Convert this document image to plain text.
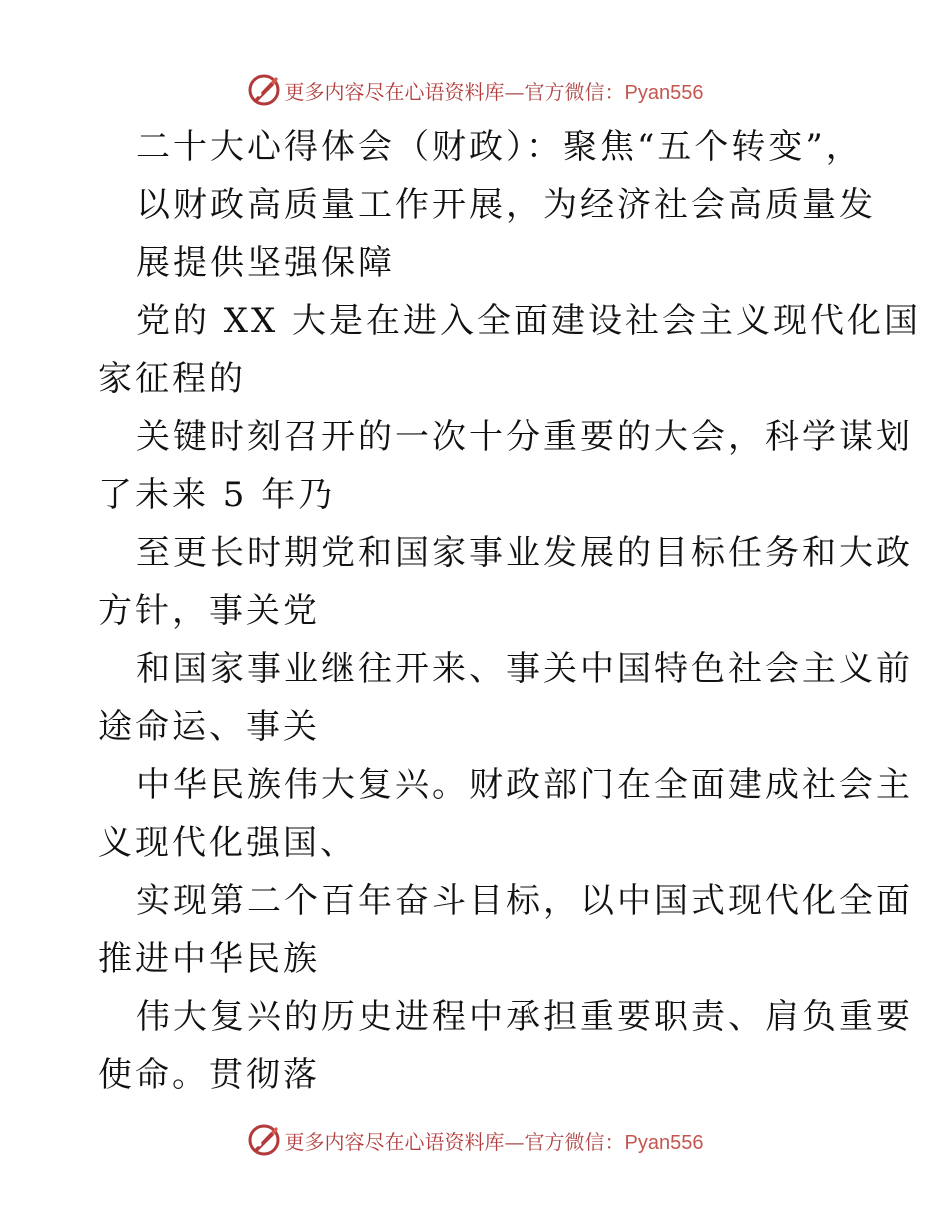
更多内容尽在心语资料库—官方微信：Pyan556
二十大心得体会（财政）：聚焦“五个转变”，
以财政高质量工作开展，为经济社会高质量发
展提供坚强保障
党的 XX 大是在进入全面建设社会主义现代化国
家征程的
关键时刻召开的一次十分重要的大会，科学谋划
了未来 5 年乃
至更长时期党和国家事业发展的目标任务和大政
方针，事关党
和国家事业继往开来、事关中国特色社会主义前
途命运、事关
中华民族伟大复兴。财政部门在全面建成社会主
义现代化强国、
实现第二个百年奋斗目标，以中国式现代化全面
推进中华民族
伟大复兴的历史进程中承担重要职责、肩负重要
使命。贯彻落
更多内容尽在心语资料库—官方微信：Pyan556
